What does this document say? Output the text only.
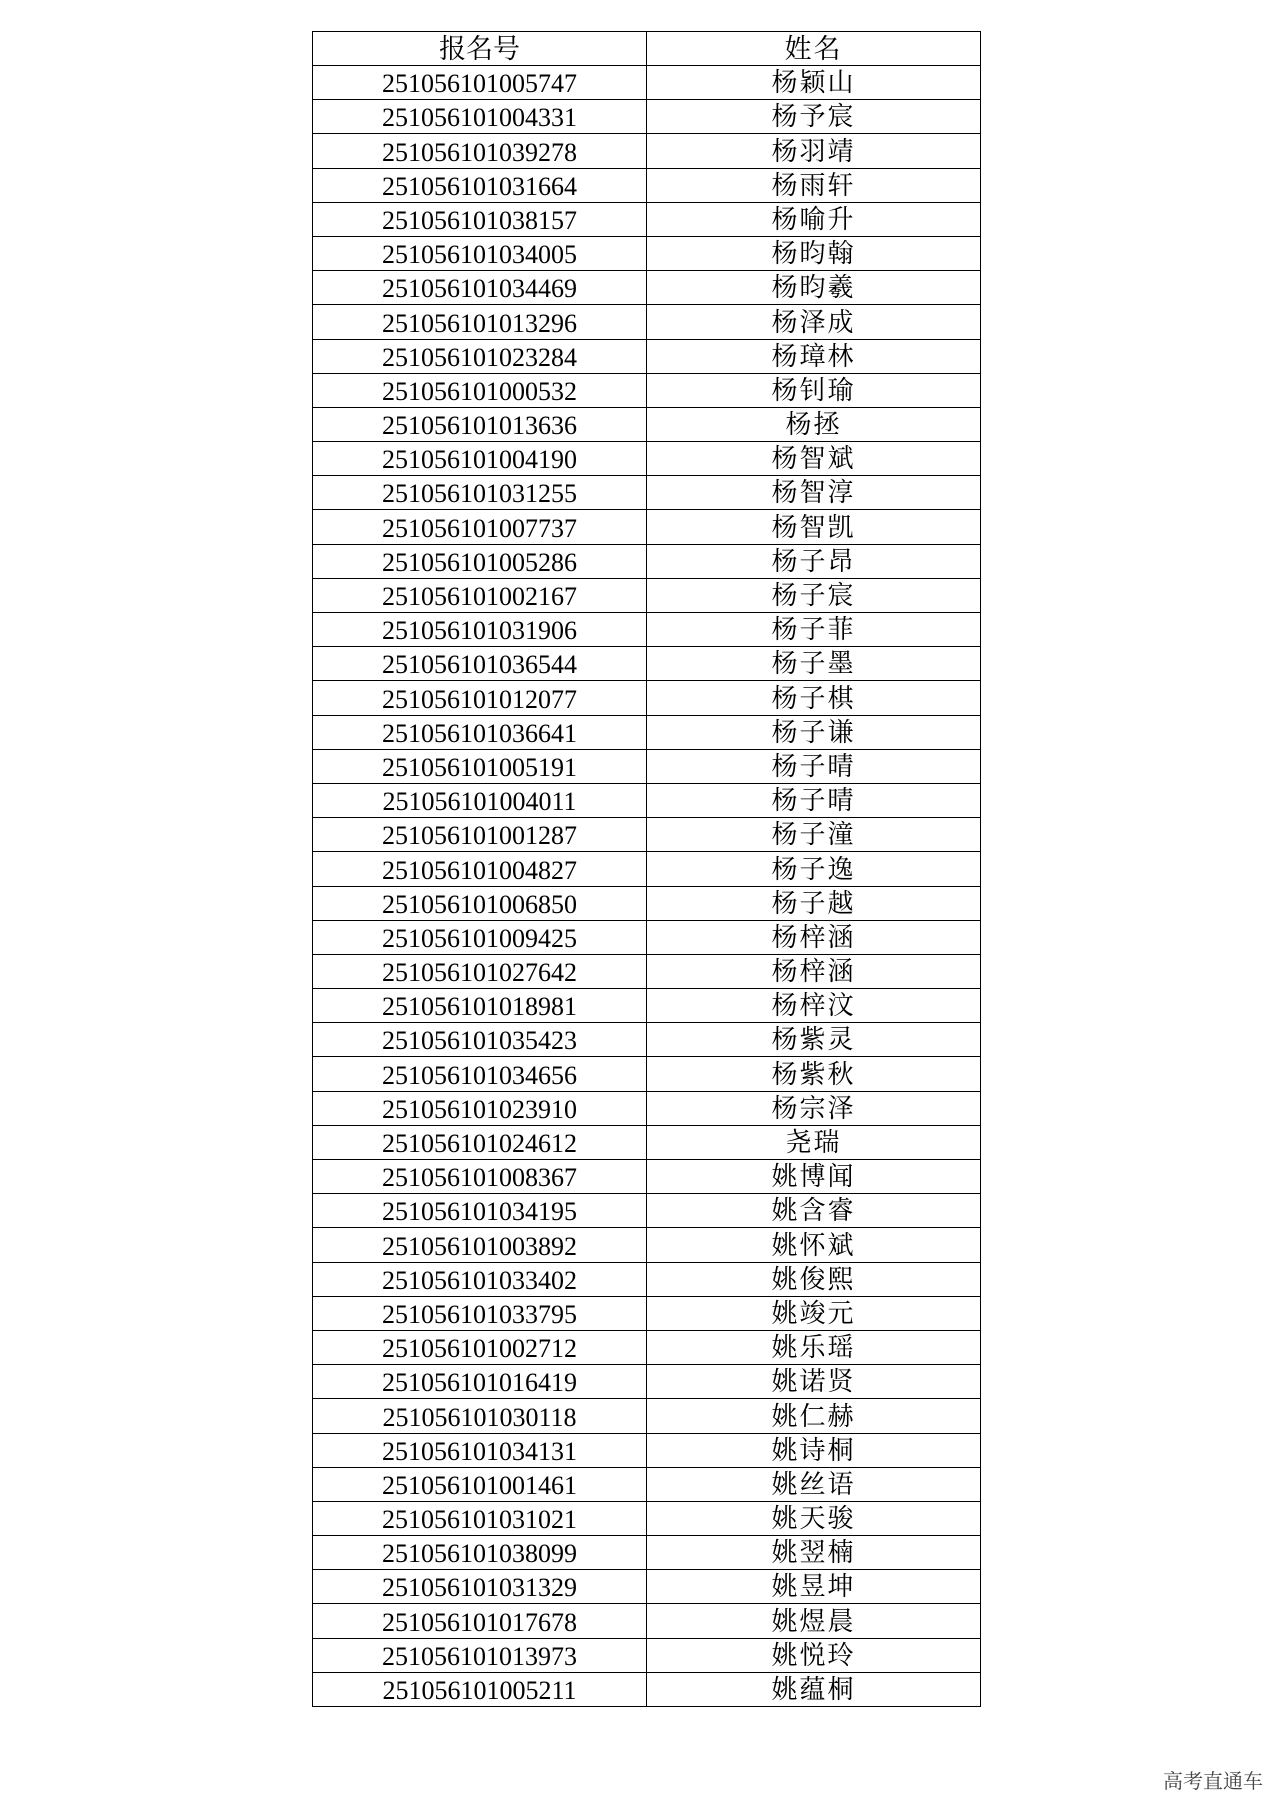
报名号	姓名
251056101005747	杨颖山
251056101004331	杨予宸
251056101039278	杨羽靖
251056101031664	杨雨轩
251056101038157	杨喻升
251056101034005	杨昀翰
251056101034469	杨昀羲
251056101013296	杨泽成
251056101023284	杨璋林
251056101000532	杨钊瑜
251056101013636	杨拯
251056101004190	杨智斌
251056101031255	杨智淳
251056101007737	杨智凯
251056101005286	杨子昂
251056101002167	杨子宸
251056101031906	杨子菲
251056101036544	杨子墨
251056101012077	杨子棋
251056101036641	杨子谦
251056101005191	杨子晴
251056101004011	杨子晴
251056101001287	杨子潼
251056101004827	杨子逸
251056101006850	杨子越
251056101009425	杨梓涵
251056101027642	杨梓涵
251056101018981	杨梓汶
251056101035423	杨紫灵
251056101034656	杨紫秋
251056101023910	杨宗泽
251056101024612	尧瑞
251056101008367	姚博闻
251056101034195	姚含睿
251056101003892	姚怀斌
251056101033402	姚俊熙
251056101033795	姚竣元
251056101002712	姚乐瑶
251056101016419	姚诺贤
251056101030118	姚仁赫
251056101034131	姚诗桐
251056101001461	姚丝语
251056101031021	姚天骏
251056101038099	姚翌楠
251056101031329	姚昱坤
251056101017678	姚煜晨
251056101013973	姚悦玲
251056101005211	姚蕴桐
高考直通车
